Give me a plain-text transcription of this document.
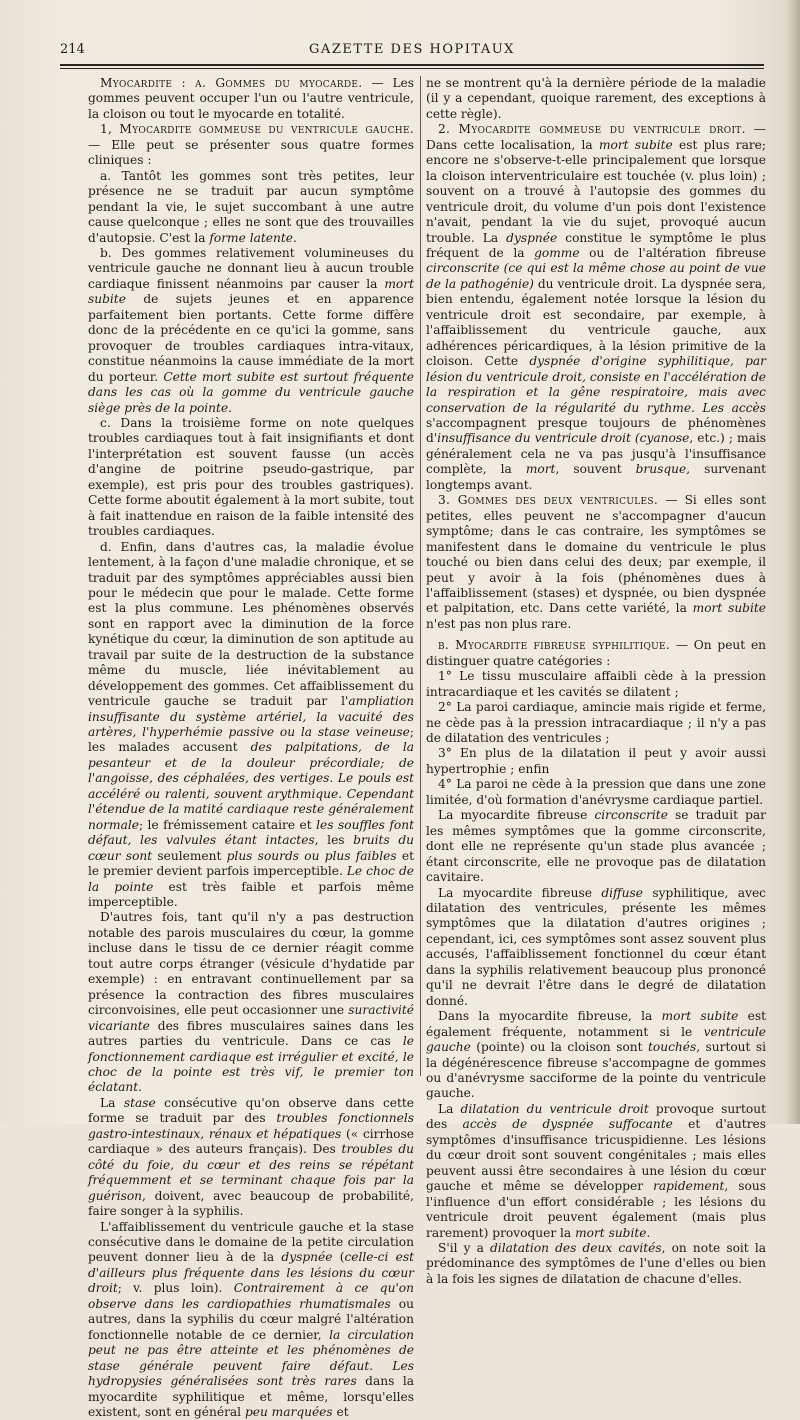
214	GAZETTE DES HOPITAUX

Myocardite : α. Gommes du myocarde. — Les gommes peuvent occuper l'un ou l'autre ventricule, la cloison ou tout le myocarde en totalité.

1, Myocardite gommeuse du ventricule gauche. — Elle peut se présenter sous quatre formes cliniques :

a. Tantôt les gommes sont très petites, leur présence ne se traduit par aucun symptôme pendant la vie, le sujet succombant à une autre cause quelconque ; elles ne sont que des trouvailles d'autopsie. C'est la forme latente.

b. Des gommes relativement volumineuses du ventricule gauche ne donnant lieu à aucun trouble cardiaque finissent néanmoins par causer la mort subite de sujets jeunes et en apparence parfaitement bien portants. Cette forme diffère donc de la précédente en ce qu'ici la gomme, sans provoquer de troubles cardiaques intra-vitaux, constitue néanmoins la cause immédiate de la mort du porteur. Cette mort subite est surtout fréquente dans les cas où la gomme du ventricule gauche siège près de la pointe.

c. Dans la troisième forme on note quelques troubles cardiaques tout à fait insignifiants et dont l'interprétation est souvent fausse (un accès d'angine de poitrine pseudo-gastrique, par exemple), est pris pour des troubles gastriques). Cette forme aboutit également à la mort subite, tout à fait inattendue en raison de la faible intensité des troubles cardiaques.

d. Enfin, dans d'autres cas, la maladie évolue lentement, à la façon d'une maladie chronique, et se traduit par des symptômes appréciables aussi bien pour le médecin que pour le malade. Cette forme est la plus commune. Les phénomènes observés sont en rapport avec la diminution de la force kynétique du cœur, la diminution de son aptitude au travail par suite de la destruction de la substance même du muscle, liée inévitablement au développement des gommes. Cet affaiblissement du ventricule gauche se traduit par l'ampliation insuffisante du système artériel, la vacuité des artères, l'hyperhémie passive ou la stase veineuse; les malades accusent des palpitations, de la pesanteur et de la douleur précordiale; de l'angoisse, des céphalées, des vertiges. Le pouls est accéléré ou ralenti, souvent arythmique. Cependant l'étendue de la matité cardiaque reste généralement normale; le frémissement cataire et les souffles font défaut, les valvules étant intactes, les bruits du cœur sont seulement plus sourds ou plus faibles et le premier devient parfois imperceptible. Le choc de la pointe est très faible et parfois même imperceptible.

D'autres fois, tant qu'il n'y a pas destruction notable des parois musculaires du cœur, la gomme incluse dans le tissu de ce dernier réagit comme tout autre corps étranger (vésicule d'hydatide par exemple) : en entravant continuellement par sa présence la contraction des fibres musculaires circonvoisines, elle peut occasionner une suractivité vicariante des fibres musculaires saines dans les autres parties du ventricule. Dans ce cas le fonctionnement cardiaque est irrégulier et excité, le choc de la pointe est très vif, le premier ton éclatant.

La stase consécutive qu'on observe dans cette forme se traduit par des troubles fonctionnels gastro-intestinaux, rénaux et hépatiques (« cirrhose cardiaque » des auteurs français). Des troubles du côté du foie, du cœur et des reins se répétant fréquemment et se terminant chaque fois par la guérison, doivent, avec beaucoup de probabilité, faire songer à la syphilis.

L'affaiblissement du ventricule gauche et la stase consécutive dans le domaine de la petite circulation peuvent donner lieu à de la dyspnée (celle-ci est d'ailleurs plus fréquente dans les lésions du cœur droit; v. plus loin). Contrairement à ce qu'on observe dans les cardiopathies rhumatismales ou autres, dans la syphilis du cœur malgré l'altération fonctionnelle notable de ce dernier, la circulation peut ne pas être atteinte et les phénomènes de stase générale peuvent faire défaut. Les hydropysies généralisées sont très rares dans la myocardite syphilitique et même, lorsqu'elles existent, sont en général peu marquées et

ne se montrent qu'à la dernière période de la maladie (il y a cependant, quoique rarement, des exceptions à cette règle).

2. Myocardite gommeuse du ventricule droit. — Dans cette localisation, la mort subite est plus rare; encore ne s'observe-t-elle principalement que lorsque la cloison interventriculaire est touchée (v. plus loin) ; souvent on a trouvé à l'autopsie des gommes du ventricule droit, du volume d'un pois dont l'existence n'avait, pendant la vie du sujet, provoqué aucun trouble. La dyspnée constitue le symptôme le plus fréquent de la gomme ou de l'altération fibreuse circonscrite (ce qui est la même chose au point de vue de la pathogénie) du ventricule droit. La dyspnée sera, bien entendu, également notée lorsque la lésion du ventricule droit est secondaire, par exemple, à l'affaiblissement du ventricule gauche, aux adhérences péricardiques, à la lésion primitive de la cloison. Cette dyspnée d'origine syphilitique, par lésion du ventricule droit, consiste en l'accélération de la respiration et la gêne respiratoire, mais avec conservation de la régularité du rythme. Les accès s'accompagnent presque toujours de phénomènes d'insuffisance du ventricule droit (cyanose, etc.) ; mais généralement cela ne va pas jusqu'à l'insuffisance complète, la mort, souvent brusque, survenant longtemps avant.

3. Gommes des deux ventricules. — Si elles sont petites, elles peuvent ne s'accompagner d'aucun symptôme; dans le cas contraire, les symptômes se manifestent dans le domaine du ventricule le plus touché ou bien dans celui des deux; par exemple, il peut y avoir à la fois (phénomènes dues à l'affaiblissement (stases) et dyspnée, ou bien dyspnée et palpitation, etc. Dans cette variété, la mort subite n'est pas non plus rare.

β. Myocardite fibreuse syphilitique. — On peut en distinguer quatre catégories :

1° Le tissu musculaire affaibli cède à la pression intracardiaque et les cavités se dilatent ;

2° La paroi cardiaque, amincie mais rigide et ferme, ne cède pas à la pression intracardiaque ; il n'y a pas de dilatation des ventricules ;

3° En plus de la dilatation il peut y avoir aussi hypertrophie ; enfin

4° La paroi ne cède à la pression que dans une zone limitée, d'où formation d'anévrysme cardiaque partiel.

La myocardite fibreuse circonscrite se traduit par les mêmes symptômes que la gomme circonscrite, dont elle ne représente qu'un stade plus avancée ; étant circonscrite, elle ne provoque pas de dilatation cavitaire.

La myocardite fibreuse diffuse syphilitique, avec dilatation des ventricules, présente les mêmes symptômes que la dilatation d'autres origines ; cependant, ici, ces symptômes sont assez souvent plus accusés, l'affaiblissement fonctionnel du cœur étant dans la syphilis relativement beaucoup plus prononcé qu'il ne devrait l'être dans le degré de dilatation donné.

Dans la myocardite fibreuse, la mort subite est également fréquente, notamment si le ventricule gauche (pointe) ou la cloison sont touchés, surtout si la dégénérescence fibreuse s'accompagne de gommes ou d'anévrysme sacciforme de la pointe du ventricule gauche.

La dilatation du ventricule droit provoque surtout des accès de dyspnée suffocante et d'autres symptômes d'insuffisance tricuspidienne. Les lésions du cœur droit sont souvent congénitales ; mais elles peuvent aussi être secondaires à une lésion du cœur gauche et même se développer rapidement, sous l'influence d'un effort considérable ; les lésions du ventricule droit peuvent également (mais plus rarement) provoquer la mort subite.

S'il y a dilatation des deux cavités, on note soit la prédominance des symptômes de l'une d'elles ou bien à la fois les signes de dilatation de chacune d'elles.
